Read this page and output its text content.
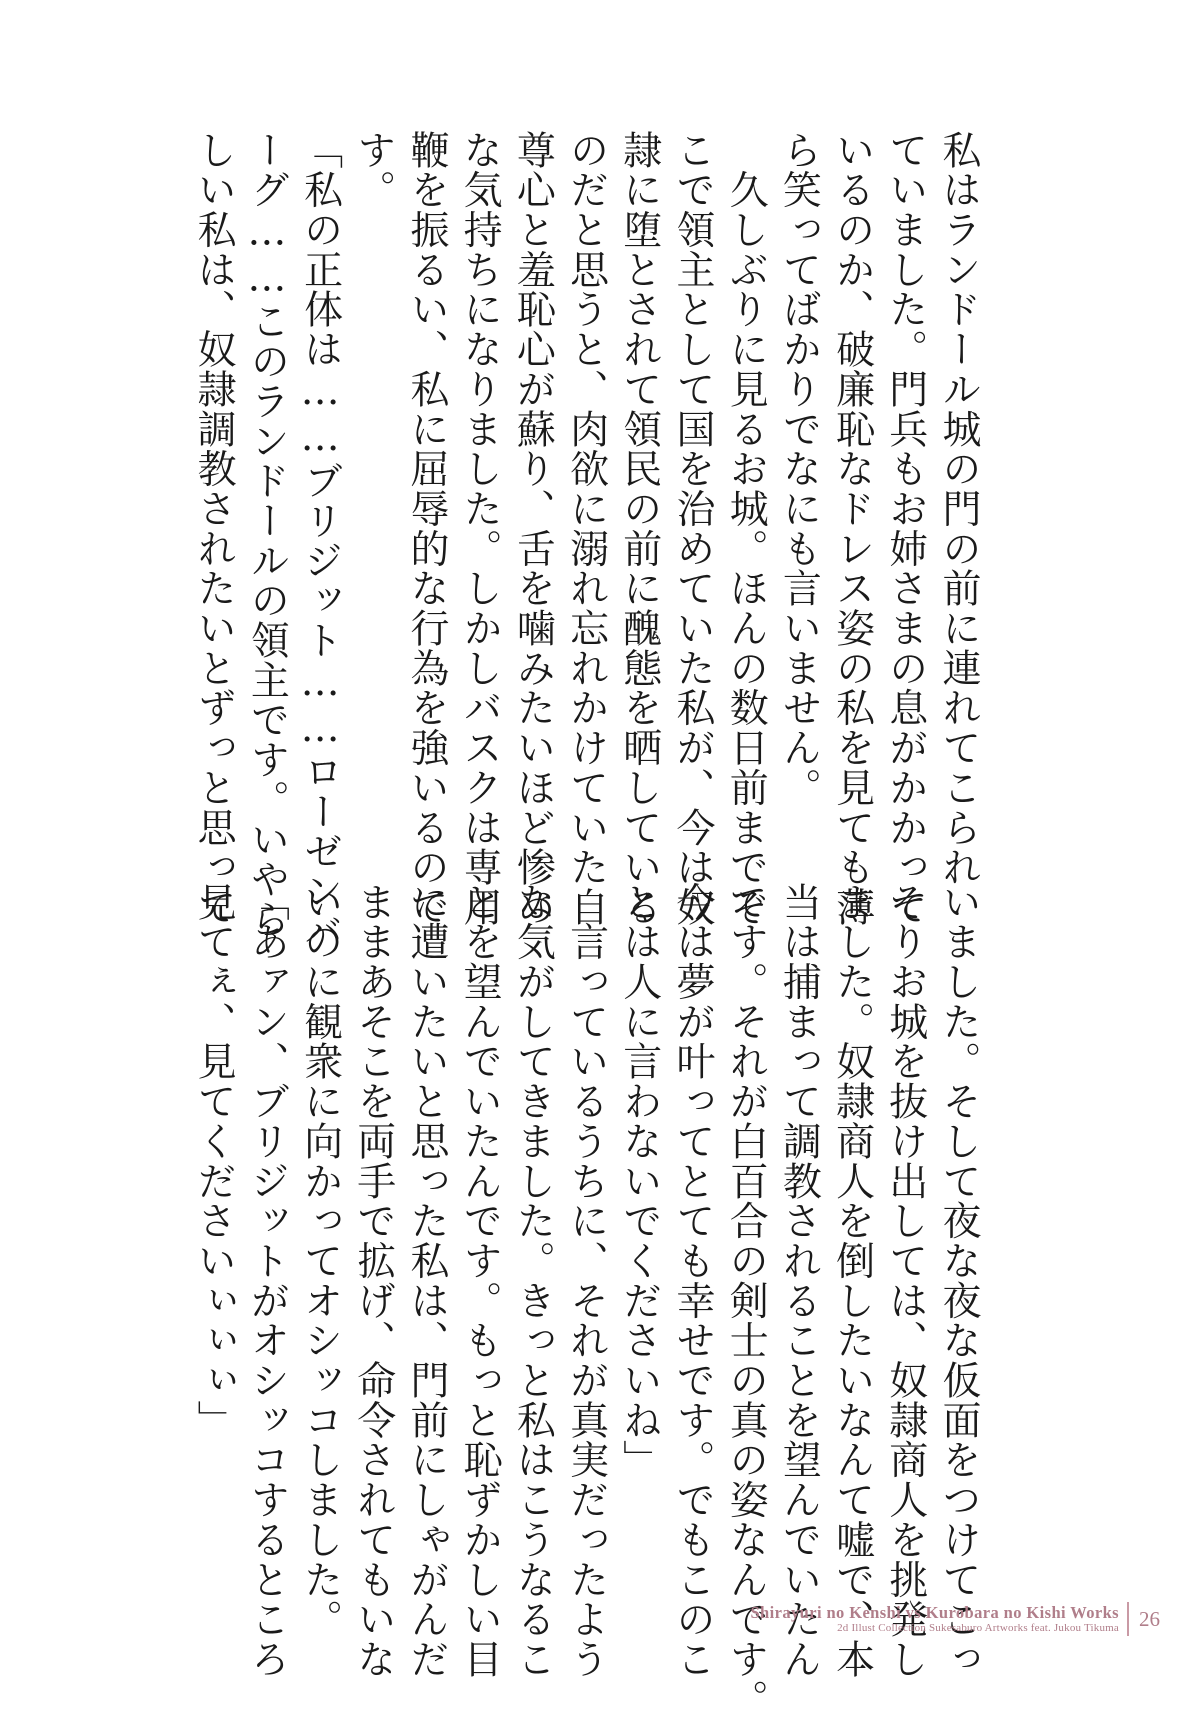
私はランドール城の門の前に連れてこられ
ていました。門兵もお姉さまの息がかかって
いるのか、破廉恥なドレス姿の私を見ても薄
ら笑ってばかりでなにも言いません。
　久しぶりに見るお城。ほんの数日前までそ
こで領主として国を治めていた私が、今は奴
隷に堕とされて領民の前に醜態を晒している
のだと思うと、肉欲に溺れ忘れかけていた自
尊心と羞恥心が蘇り、舌を噛みたいほど惨め
な気持ちになりました。しかしバスクは専用
鞭を振るい、私に屈辱的な行為を強いるので
す。
「私の正体は……ブリジット……ローゼンバ
ーグ……このランドールの領主です。いやら
しい私は、奴隷調教されたいとずっと思って
いました。そして夜な夜な仮面をつけてこっ
そりお城を抜け出しては、奴隷商人を挑発し
ました。奴隷商人を倒したいなんて嘘で、本
当は捕まって調教されることを望んでいたん
です。それが白百合の剣士の真の姿なんです。
今は夢が叶ってとても幸せです。でもこのこ
とは人に言わないでくださいね」
　言っているうちに、それが真実だったよう
な気がしてきました。きっと私はこうなるこ
とを望んでいたんです。もっと恥ずかしい目
に遭いたいと思った私は、門前にしゃがんだ
ままあそこを両手で拡げ、命令されてもいな
いのに観衆に向かってオシッコしました。
「あァン、ブリジットがオシッコするところ
見てぇ、見てくださいぃぃぃ」
Shirayuri no Kenshi vs Kurobara no Kishi Works
2d Illust Collection Sukesaburo Artworks feat. Jukou Tikuma 26
